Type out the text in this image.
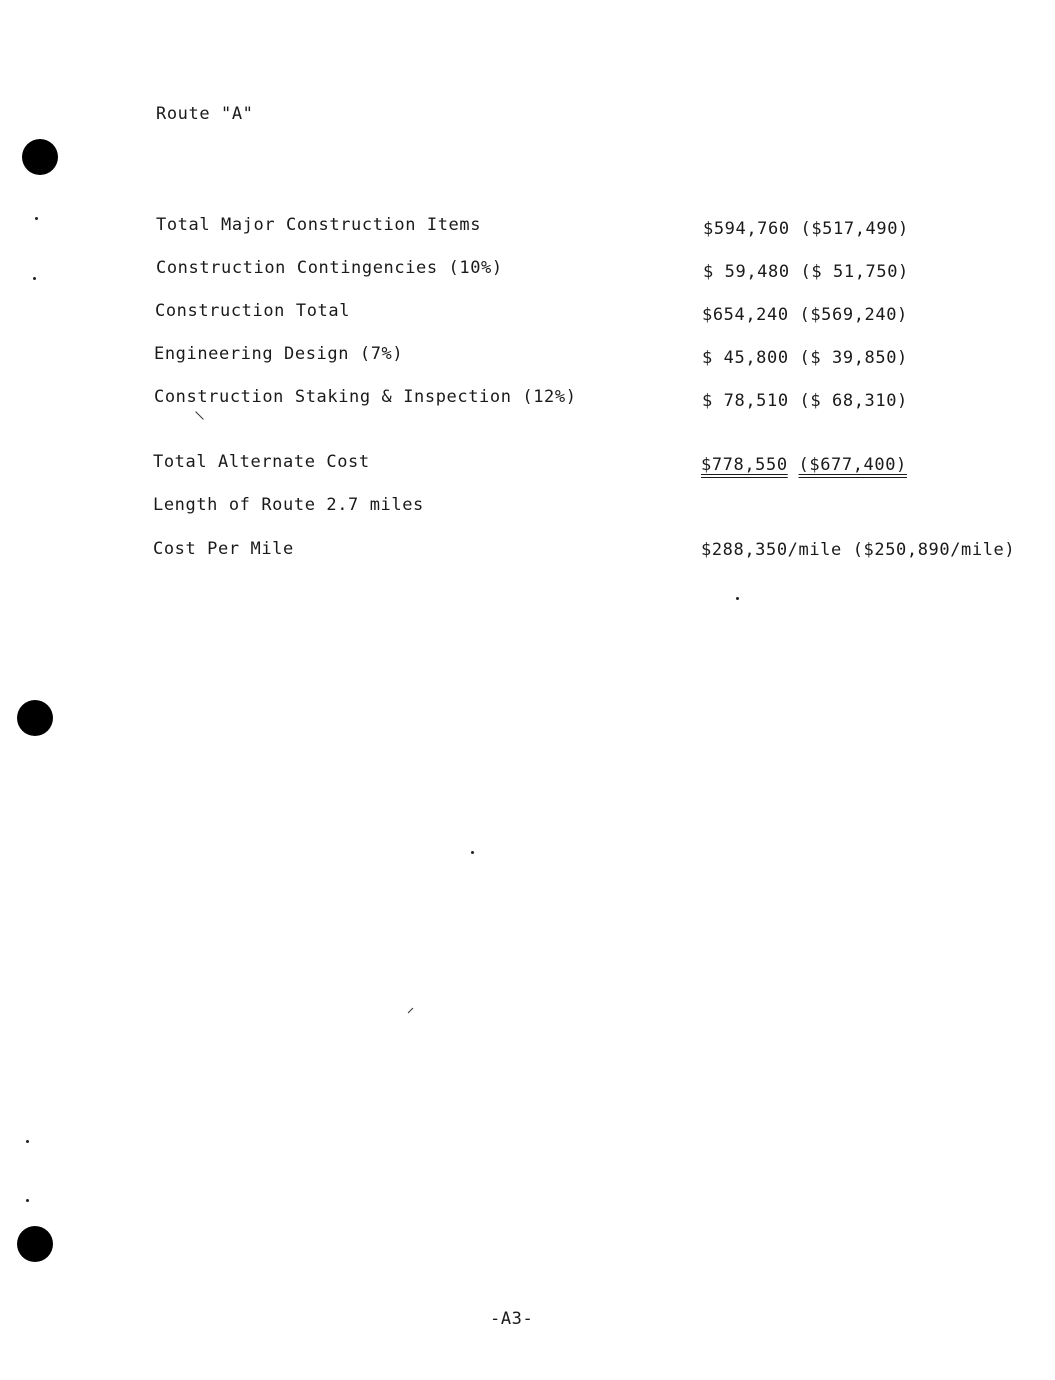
Route "A"
Total Major Construction Items	$594,760 ($517,490)
Construction Contingencies (10%)	$ 59,480 ($ 51,750)
Construction Total	$654,240 ($569,240)
Engineering Design (7%)	$ 45,800 ($ 39,850)
Construction Staking & Inspection (12%)	$ 78,510 ($ 68,310)
Total Alternate Cost	$778,550 ($677,400)
Length of Route 2.7 miles
Cost Per Mile	$288,350/mile ($250,890/mile)
-A3-
